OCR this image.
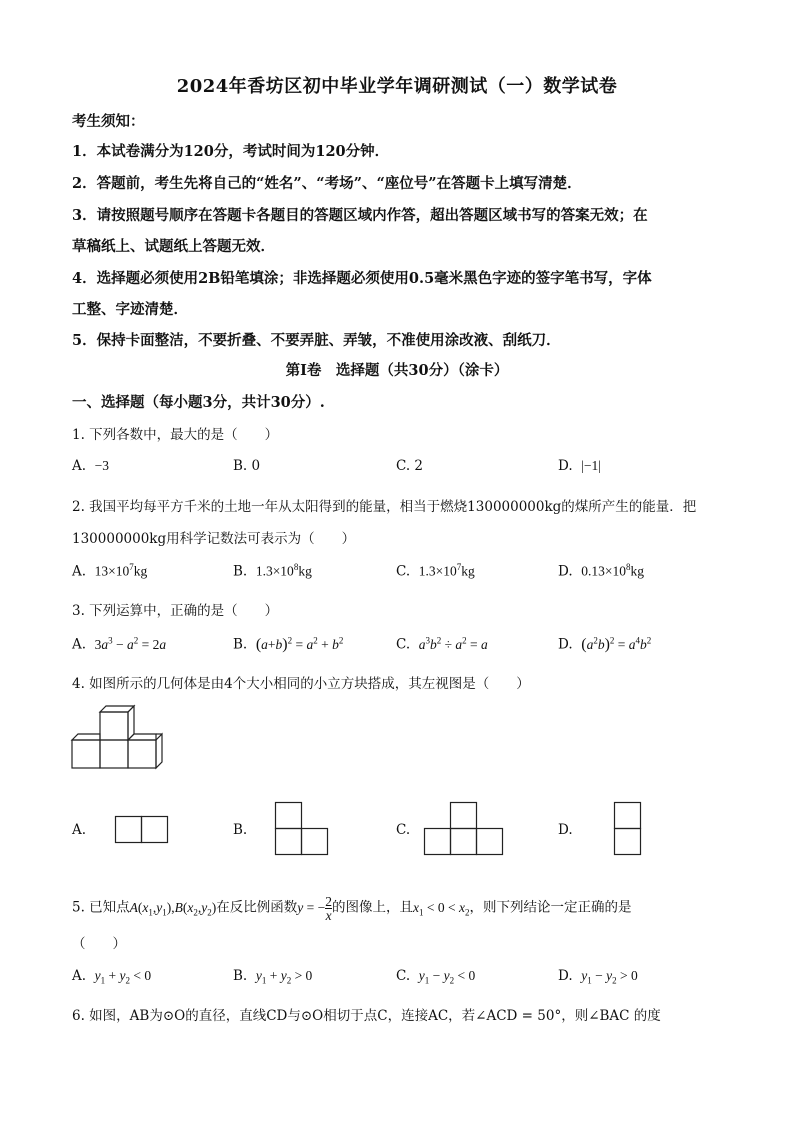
2024年香坊区初中毕业学年调研测试（一）数学试卷
考生须知：
1．本试卷满分为120分，考试时间为120分钟．
2．答题前，考生先将自己的“姓名”、“考场”、“座位号”在答题卡上填写清楚．
3．请按照题号顺序在答题卡各题目的答题区域内作答，超出答题区域书写的答案无效；在
草稿纸上、试题纸上答题无效．
4．选择题必须使用2B铅笔填涂；非选择题必须使用0.5毫米黑色字迹的签字笔书写，字体
工整、字迹清楚．
5．保持卡面整洁，不要折叠、不要弄脏、弄皱，不准使用涂改液、刮纸刀．
第Ⅰ卷　选择题（共30分）（涂卡）
一、选择题（每小题3分，共计30分）.
1. 下列各数中，最大的是（　　）
A. −3	B. 0	C. 2	D. |−1|
2. 我国平均每平方千米的土地一年从太阳得到的能量，相当于燃烧130000000kg的煤所产生的能量．把
130000000kg用科学记数法可表示为（　　）
A. $13\times 10^7kg$	B. $1.3\times 10^8kg$	C. $1.3\times 10^7kg$	D. $0.13\times 10^8kg$
3. 下列运算中，正确的是（　　）
A. $3a^3 - a^2 = 2a$	B. $(a+b)^2 = a^2 + b^2$	C. $a^3b^2 \div a^2 = a$	D. $(a^2b)^2 = a^4b^2$
4. 如图所示的几何体是由4个大小相同的小立方块搭成，其左视图是（　　）
A.	B.	C.	D.
5. 已知点$A(x_1,y_1),B(x_2,y_2)$在反比例函数y = − $\frac{2}{x}$ 的图像上，且$x_1 < 0 < x_2$，则下列结论一定正确的是
（　　）
A. $y_1 + y_2 < 0$	B. $y_1 + y_2 > 0$	C. $y_1 - y_2 < 0$	D. $y_1 - y_2 > 0$
6. 如图，AB为⊙O的直径，直线CD与⊙O相切于点C，连接AC，若∠ACD = 50°，则∠BAC 的度
